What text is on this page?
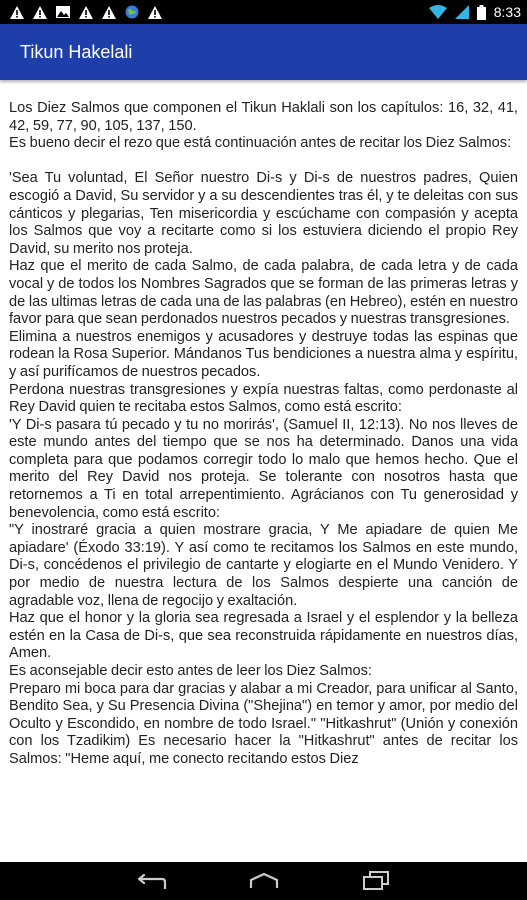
8:33
Tikun Hakelali

Los Diez Salmos que componen el Tikun Haklali son los capítulos: 16, 32, 41, 42, 59, 77, 90, 105, 137, 150.

Es bueno decir el rezo que está continuación antes de recitar los Diez Salmos:

'Sea Tu voluntad, El Señor nuestro Di-s y Di-s de nuestros padres, Quien escogió a David, Su servidor y a su descendientes tras él, y te deleitas con sus cánticos y plegarias, Ten misericordia y escúchame con compasión y acepta los Salmos que voy a recitarte como si los estuviera diciendo el propio Rey David, su merito nos proteja.

Haz que el merito de cada Salmo, de cada palabra, de cada letra y de cada vocal y de todos los Nombres Sagrados que se forman de las primeras letras y de las ultimas letras de cada una de las palabras (en Hebreo), estén en nuestro favor para que sean perdonados nuestros pecados y nuestras transgresiones.

Elimina a nuestros enemigos y acusadores y destruye todas las espinas que rodean la Rosa Superior. Mándanos Tus bendiciones a nuestra alma y espíritu, y así purifícamos de nuestros pecados.

Perdona nuestras transgresiones y expía nuestras faltas, como perdonaste al Rey David quien te recitaba estos Salmos, como está escrito:

'Y Di-s pasara tú pecado y tu no morirás', (Samuel II, 12:13). No nos lleves de este mundo antes del tiempo que se nos ha determinado. Danos una vida completa para que podamos corregir todo lo malo que hemos hecho. Que el merito del Rey David nos proteja. Se tolerante con nosotros hasta que retornemos a Ti en total arrepentimiento. Agrácianos con Tu generosidad y benevolencia, como está escrito:

"Y inostraré gracia a quien mostrare gracia, Y Me apiadare de quien Me apiadare' (Éxodo 33:19). Y así como te recitamos los Salmos en este mundo, Di-s, concédenos el privilegio de cantarte y elogiarte en el Mundo Venidero. Y por medio de nuestra lectura de los Salmos despierte una canción de agradable voz, llena de regocijo y exaltación.

Haz que el honor y la gloria sea regresada a Israel y el esplendor y la belleza estén en la Casa de Di-s, que sea reconstruida rápidamente en nuestros días, Amen.

Es aconsejable decir esto antes de leer los Diez Salmos:

Preparo mi boca para dar gracias y alabar a mi Creador, para unificar al Santo, Bendito Sea, y Su Presencia Divina ("Shejina") en temor y amor, por medio del Oculto y Escondido, en nombre de todo Israel." "Hitkashrut" (Unión y conexión con los Tzadikim) Es necesario hacer la "Hitkashrut" antes de recitar los Salmos: "Heme aquí, me conecto recitando estos Diez
